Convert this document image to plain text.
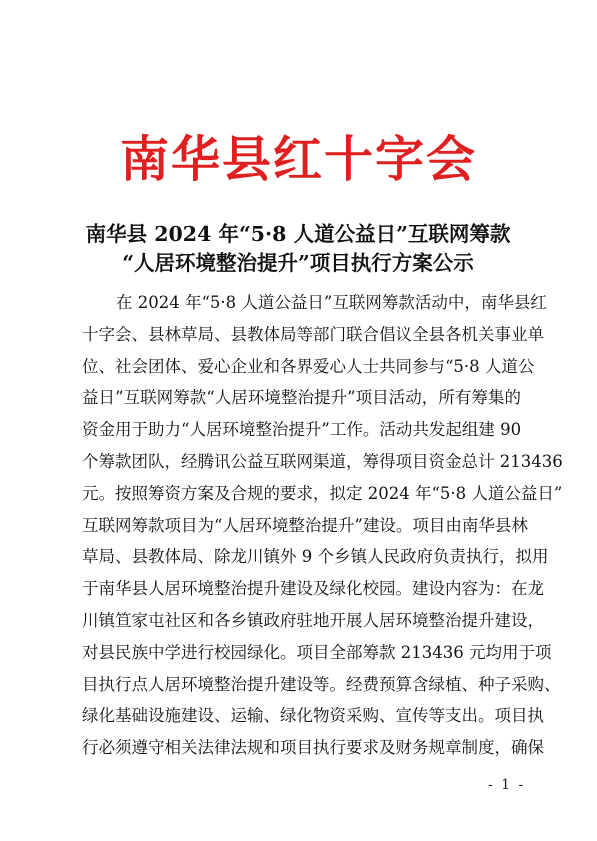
南华县红十字会
南华县 2024 年“5·8 人道公益日”互联网筹款
“人居环境整治提升”项目执行方案公示
在 2024 年“5·8 人道公益日”互联网筹款活动中，南华县红
十字会、县林草局、县教体局等部门联合倡议全县各机关事业单
位、社会团体、爱心企业和各界爱心人士共同参与“5·8 人道公
益日”互联网筹款“人居环境整治提升”项目活动，所有筹集的
资金用于助力“人居环境整治提升”工作。活动共发起组建 90
个筹款团队，经腾讯公益互联网渠道，筹得项目资金总计 213436
元。按照筹资方案及合规的要求，拟定 2024 年“5·8 人道公益日”
互联网筹款项目为“人居环境整治提升”建设。项目由南华县林
草局、县教体局、除龙川镇外 9 个乡镇人民政府负责执行，拟用
于南华县人居环境整治提升建设及绿化校园。建设内容为：在龙
川镇笪家屯社区和各乡镇政府驻地开展人居环境整治提升建设，
对县民族中学进行校园绿化。项目全部筹款 213436 元均用于项
目执行点人居环境整治提升建设等。经费预算含绿植、种子采购、
绿化基础设施建设、运输、绿化物资采购、宣传等支出。项目执
行必须遵守相关法律法规和项目执行要求及财务规章制度，确保
- 1 -
